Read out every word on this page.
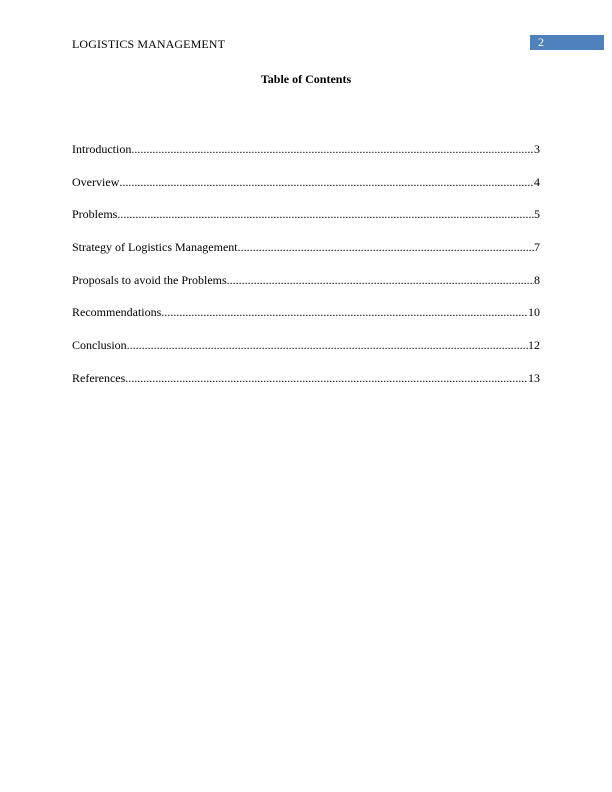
LOGISTICS MANAGEMENT	2
Table of Contents
Introduction .....	3
Overview .....	4
Problems .....	5
Strategy of Logistics Management .....	7
Proposals to avoid the Problems .....	8
Recommendations .....	10
Conclusion .....	12
References .....	13
